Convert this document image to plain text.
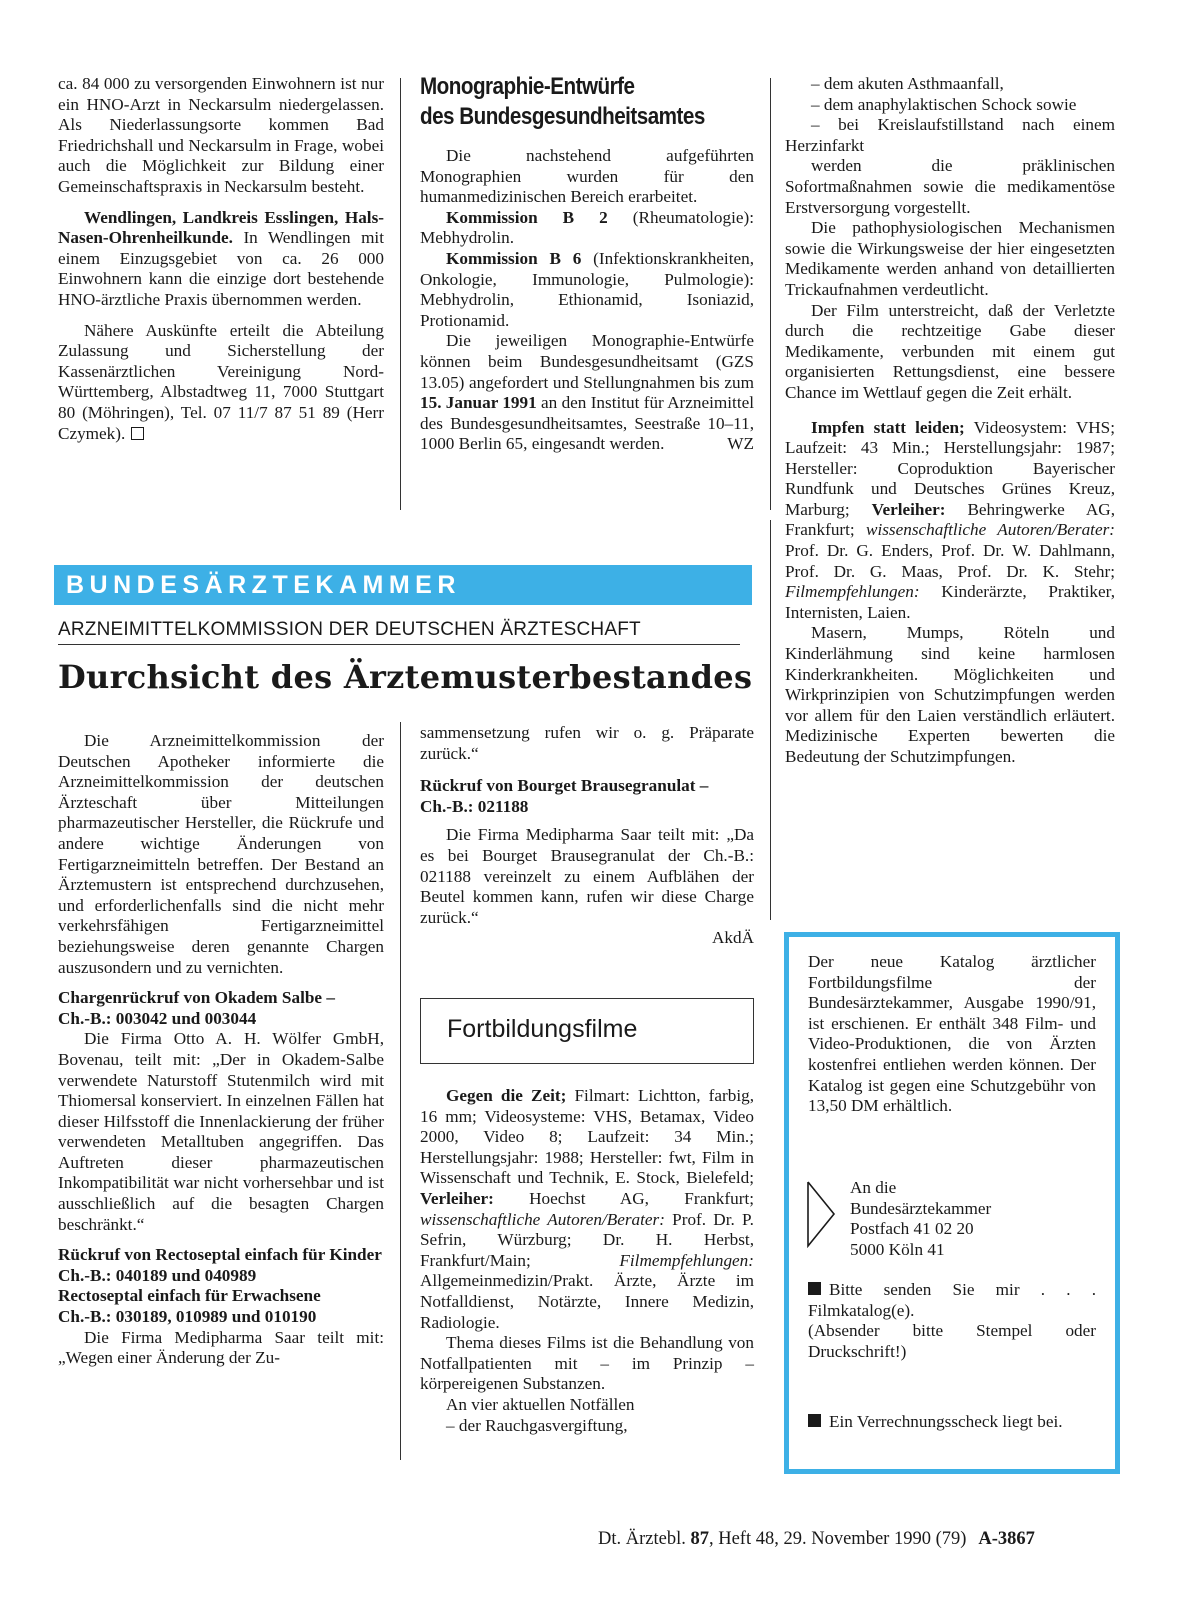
ca. 84 000 zu versorgenden Einwohnern ist nur ein HNO-Arzt in Neckarsulm niedergelassen. Als Niederlassungsorte kommen Bad Friedrichshall und Neckarsulm in Frage, wobei auch die Möglichkeit zur Bildung einer Gemeinschaftspraxis in Neckarsulm besteht.

Wendlingen, Landkreis Esslingen, Hals-Nasen-Ohrenheilkunde. In Wendlingen mit einem Einzugsgebiet von ca. 26 000 Einwohnern kann die einzige dort bestehende HNO-ärztliche Praxis übernommen werden.

Nähere Auskünfte erteilt die Abteilung Zulassung und Sicherstellung der Kassenärztlichen Vereinigung Nord-Württemberg, Albstadtweg 11, 7000 Stuttgart 80 (Möhringen), Tel. 07 11/7 87 51 89 (Herr Czymek).

Monographie-Entwürfe
des Bundesgesundheitsamtes

Die nachstehend aufgeführten Monographien wurden für den humanmedizinischen Bereich erarbeitet.

Kommission B 2 (Rheumatologie): Mebhydrolin.

Kommission B 6 (Infektionskrankheiten, Onkologie, Immunologie, Pulmologie): Mebhydrolin, Ethionamid, Isoniazid, Protionamid.

Die jeweiligen Monographie-Entwürfe können beim Bundesgesundheitsamt (GZS 13.05) angefordert und Stellungnahmen bis zum 15. Januar 1991 an den Institut für Arzneimittel des Bundesgesundheitsamtes, Seestraße 10–11, 1000 Berlin 65, eingesandt werden.	WZ

BUNDESÄRZTEKAMMER
ARZNEIMITTELKOMMISSION DER DEUTSCHEN ÄRZTESCHAFT
Durchsicht des Ärztemusterbestandes

Die Arzneimittelkommission der Deutschen Apotheker informierte die Arzneimittelkommission der deutschen Ärzteschaft über Mitteilungen pharmazeutischer Hersteller, die Rückrufe und andere wichtige Änderungen von Fertigarzneimitteln betreffen. Der Bestand an Ärztemustern ist entsprechend durchzusehen, und erforderlichenfalls sind die nicht mehr verkehrsfähigen Fertigarzneimittel beziehungsweise deren genannte Chargen auszusondern und zu vernichten.

Chargenrückruf von Okadem Salbe –
Ch.-B.: 003042 und 003044

Die Firma Otto A. H. Wölfer GmbH, Bovenau, teilt mit: „Der in Okadem-Salbe verwendete Naturstoff Stutenmilch wird mit Thiomersal konserviert. In einzelnen Fällen hat dieser Hilfsstoff die Innenlackierung der früher verwendeten Metalltuben angegriffen. Das Auftreten dieser pharmazeutischen Inkompatibilität war nicht vorhersehbar und ist ausschließlich auf die besagten Chargen beschränkt.“

Rückruf von Rectoseptal einfach für Kinder
Ch.-B.: 040189 und 040989
Rectoseptal einfach für Erwachsene
Ch.-B.: 030189, 010989 und 010190

Die Firma Medipharma Saar teilt mit: „Wegen einer Änderung der Zu-

sammensetzung rufen wir o. g. Präparate zurück.“

Rückruf von Bourget Brausegranulat –
Ch.-B.: 021188

Die Firma Medipharma Saar teilt mit: „Da es bei Bourget Brausegranulat der Ch.-B.: 021188 vereinzelt zu einem Aufblähen der Beutel kommen kann, rufen wir diese Charge zurück.“

AkdÄ

Fortbildungsfilme

Gegen die Zeit; Filmart: Lichtton, farbig, 16 mm; Videosysteme: VHS, Betamax, Video 2000, Video 8; Laufzeit: 34 Min.; Herstellungsjahr: 1988; Hersteller: fwt, Film in Wissenschaft und Technik, E. Stock, Bielefeld; Verleiher: Hoechst AG, Frankfurt; wissenschaftliche Autoren/Berater: Prof. Dr. P. Sefrin, Würzburg; Dr. H. Herbst, Frankfurt/Main; Filmempfehlungen: Allgemeinmedizin/Prakt. Ärzte, Ärzte im Notfalldienst, Notärzte, Innere Medizin, Radiologie.

Thema dieses Films ist die Behandlung von Notfallpatienten mit – im Prinzip – körpereigenen Substanzen.

An vier aktuellen Notfällen

– der Rauchgasvergiftung,

– dem akuten Asthmaanfall,

– dem anaphylaktischen Schock sowie

– bei Kreislaufstillstand nach einem Herzinfarkt

werden die präklinischen Sofortmaßnahmen sowie die medikamentöse Erstversorgung vorgestellt.

Die pathophysiologischen Mechanismen sowie die Wirkungsweise der hier eingesetzten Medikamente werden anhand von detaillierten Trickaufnahmen verdeutlicht.

Der Film unterstreicht, daß der Verletzte durch die rechtzeitige Gabe dieser Medikamente, verbunden mit einem gut organisierten Rettungsdienst, eine bessere Chance im Wettlauf gegen die Zeit erhält.

Impfen statt leiden; Videosystem: VHS; Laufzeit: 43 Min.; Herstellungsjahr: 1987; Hersteller: Coproduktion Bayerischer Rundfunk und Deutsches Grünes Kreuz, Marburg; Verleiher: Behringwerke AG, Frankfurt; wissenschaftliche Autoren/Berater: Prof. Dr. G. Enders, Prof. Dr. W. Dahlmann, Prof. Dr. G. Maas, Prof. Dr. K. Stehr; Filmempfehlungen: Kinderärzte, Praktiker, Internisten, Laien.

Masern, Mumps, Röteln und Kinderlähmung sind keine harmlosen Kinderkrankheiten. Möglichkeiten und Wirkprinzipien von Schutzimpfungen werden vor allem für den Laien verständlich erläutert. Medizinische Experten bewerten die Bedeutung der Schutzimpfungen.

Der neue Katalog ärztlicher Fortbildungsfilme der Bundesärztekammer, Ausgabe 1990/91, ist erschienen. Er enthält 348 Film- und Video-Produktionen, die von Ärzten kostenfrei entliehen werden können. Der Katalog ist gegen eine Schutzgebühr von 13,50 DM erhältlich.

An die

Bundesärztekammer

Postfach 41 02 20

5000 Köln 41

Bitte senden Sie mir . . . Filmkatalog(e).

(Absender bitte Stempel oder Druckschrift!)

Ein Verrechnungsscheck liegt bei.

Dt. Ärztebl. 87, Heft 48, 29. November 1990 (79) A-3867
